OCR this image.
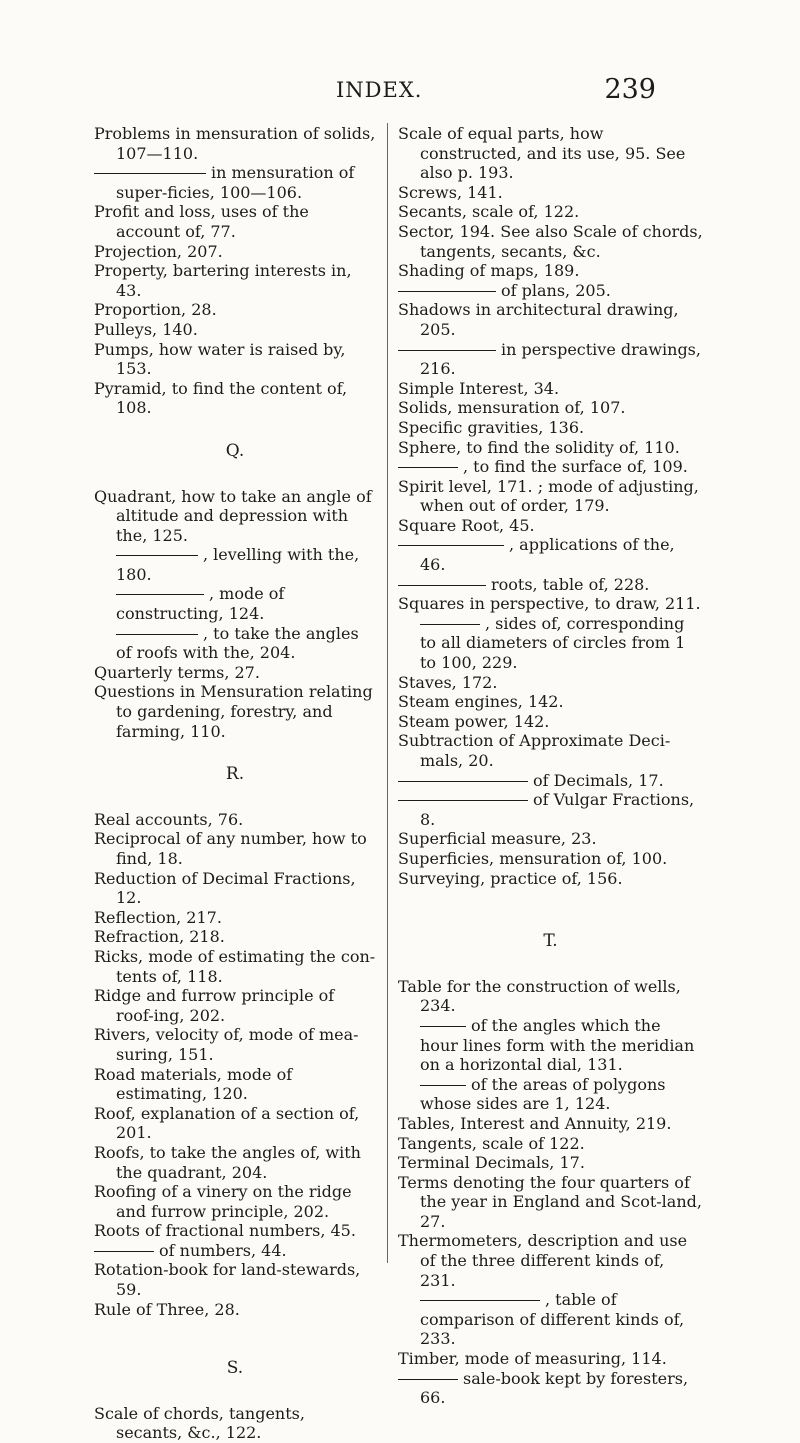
INDEX.	239
Problems in mensuration of solids, 107—110.
in mensuration of super-ficies, 100—106.
Profit and loss, uses of the account of, 77.
Projection, 207.
Property, bartering interests in, 43.
Proportion, 28.
Pulleys, 140.
Pumps, how water is raised by, 153.
Pyramid, to find the content of, 108.
Q.
Quadrant, how to take an angle of altitude and depression with the, 125.
, levelling with the, 180.
, mode of constructing, 124.
, to take the angles of roofs with the, 204.
Quarterly terms, 27.
Questions in Mensuration relating to gardening, forestry, and farming, 110.
R.
Real accounts, 76.
Reciprocal of any number, how to find, 18.
Reduction of Decimal Fractions, 12.
Reflection, 217.
Refraction, 218.
Ricks, mode of estimating the con-tents of, 118.
Ridge and furrow principle of roof-ing, 202.
Rivers, velocity of, mode of mea-suring, 151.
Road materials, mode of estimating, 120.
Roof, explanation of a section of, 201.
Roofs, to take the angles of, with the quadrant, 204.
Roofing of a vinery on the ridge and furrow principle, 202.
Roots of fractional numbers, 45.
of numbers, 44.
Rotation-book for land-stewards, 59.
Rule of Three, 28.
S.
Scale of chords, tangents, secants, &c., 122.
Scale of equal parts, how constructed, and its use, 95. See also p. 193.
Screws, 141.
Secants, scale of, 122.
Sector, 194. See also Scale of chords, tangents, secants, &c.
Shading of maps, 189.
of plans, 205.
Shadows in architectural drawing, 205.
in perspective drawings, 216.
Simple Interest, 34.
Solids, mensuration of, 107.
Specific gravities, 136.
Sphere, to find the solidity of, 110.
, to find the surface of, 109.
Spirit level, 171. ; mode of adjusting, when out of order, 179.
Square Root, 45.
, applications of the, 46.
roots, table of, 228.
Squares in perspective, to draw, 211.
, sides of, corresponding to all diameters of circles from 1 to 100, 229.
Staves, 172.
Steam engines, 142.
Steam power, 142.
Subtraction of Approximate Deci-mals, 20.
of Decimals, 17.
of Vulgar Fractions, 8.
Superficial measure, 23.
Superficies, mensuration of, 100.
Surveying, practice of, 156.
T.
Table for the construction of wells, 234.
of the angles which the hour lines form with the meridian on a horizontal dial, 131.
of the areas of polygons whose sides are 1, 124.
Tables, Interest and Annuity, 219.
Tangents, scale of 122.
Terminal Decimals, 17.
Terms denoting the four quarters of the year in England and Scot-land, 27.
Thermometers, description and use of the three different kinds of, 231.
, table of comparison of different kinds of, 233.
Timber, mode of measuring, 114.
sale-book kept by foresters, 66.
